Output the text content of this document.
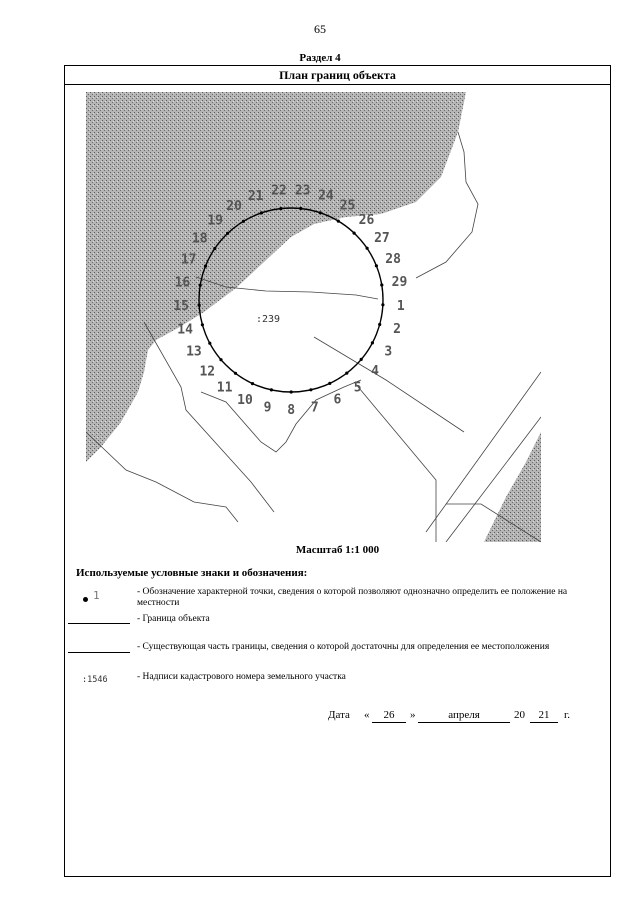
65
Раздел 4
План границ объекта
1
2
3
4
5
6
7
8
9
10
11
12
13
14
15
16
17
18
19
20
21 22 23 24
25
26
27
28
29
:239
Масштаб 1:1 000
Используемые условные знаки и обозначения:
1	- Обозначение характерной точки, сведения о которой позволяют однозначно определить ее положение на местности
- Граница объекта
- Существующая часть границы, сведения о которой достаточны для определения ее местоположения
:1546	- Надписи кадастрового номера земельного участка
Дата «	26	»	апреля	20	21	г.
